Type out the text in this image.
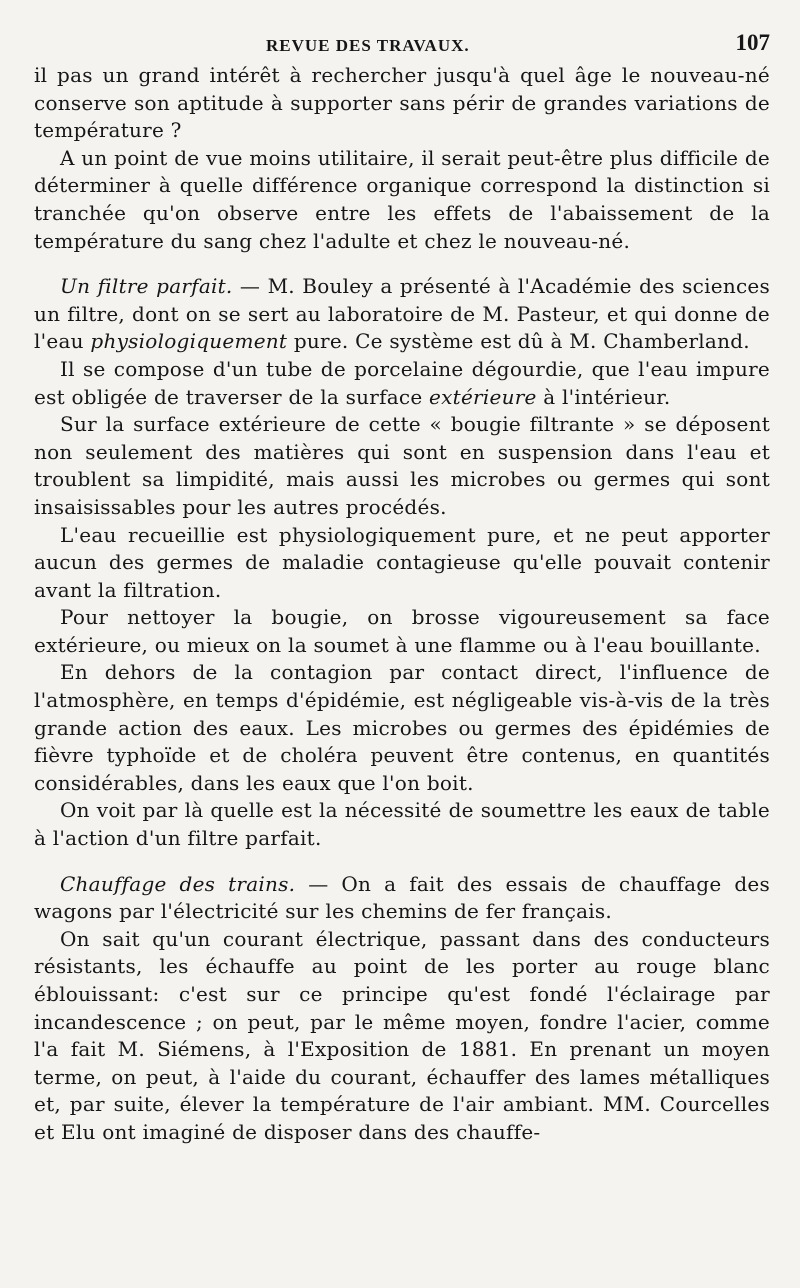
REVUE DES TRAVAUX.	107

il pas un grand intérêt à rechercher jusqu'à quel âge le nouveau-né conserve son aptitude à supporter sans périr de grandes variations de température ?

A un point de vue moins utilitaire, il serait peut-être plus difficile de déterminer à quelle différence organique correspond la distinction si tranchée qu'on observe entre les effets de l'abaissement de la température du sang chez l'adulte et chez le nouveau-né.

Un filtre parfait. — M. Bouley a présenté à l'Académie des sciences un filtre, dont on se sert au laboratoire de M. Pasteur, et qui donne de l'eau physiologiquement pure. Ce système est dû à M. Chamberland.

Il se compose d'un tube de porcelaine dégourdie, que l'eau impure est obligée de traverser de la surface extérieure à l'intérieur.

Sur la surface extérieure de cette « bougie filtrante » se déposent non seulement des matières qui sont en suspension dans l'eau et troublent sa limpidité, mais aussi les microbes ou germes qui sont insaisissables pour les autres procédés.

L'eau recueillie est physiologiquement pure, et ne peut apporter aucun des germes de maladie contagieuse qu'elle pouvait contenir avant la filtration.

Pour nettoyer la bougie, on brosse vigoureusement sa face extérieure, ou mieux on la soumet à une flamme ou à l'eau bouillante.

En dehors de la contagion par contact direct, l'influence de l'atmosphère, en temps d'épidémie, est négligeable vis-à-vis de la très grande action des eaux. Les microbes ou germes des épidémies de fièvre typhoïde et de choléra peuvent être contenus, en quantités considérables, dans les eaux que l'on boit.

On voit par là quelle est la nécessité de soumettre les eaux de table à l'action d'un filtre parfait.

Chauffage des trains. — On a fait des essais de chauffage des wagons par l'électricité sur les chemins de fer français.

On sait qu'un courant électrique, passant dans des conducteurs résistants, les échauffe au point de les porter au rouge blanc éblouissant: c'est sur ce principe qu'est fondé l'éclairage par incandescence ; on peut, par le même moyen, fondre l'acier, comme l'a fait M. Siémens, à l'Exposition de 1881. En prenant un moyen terme, on peut, à l'aide du courant, échauffer des lames métalliques et, par suite, élever la température de l'air ambiant. MM. Courcelles et Elu ont imaginé de disposer dans des chauffe-
